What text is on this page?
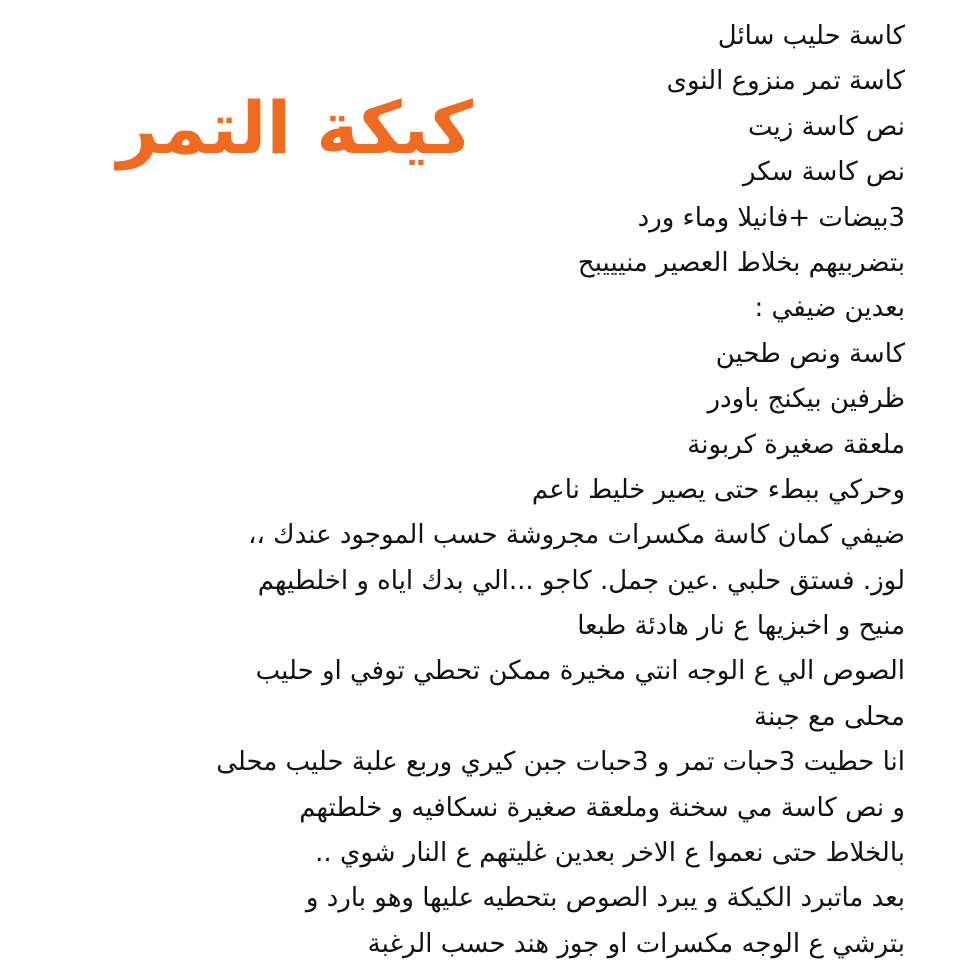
كيكة التمر
كاسة حليب سائل
كاسة تمر منزوع النوى
نص كاسة زيت
نص كاسة سكر
3بيضات +فانيلا وماء ورد
بتضربيهم بخلاط العصير منيييبح
بعدين ضيفي :
كاسة ونص طحين
ظرفين بيكنج باودر
ملعقة صغيرة كربونة
وحركي ببطء حتى يصير خليط ناعم
ضيفي كمان كاسة مكسرات مجروشة حسب الموجود عندك ،،
لوز. فستق حلبي .عين جمل. كاجو ...الي بدك اياه و اخلطيهم
منيح و اخبزيها ع نار هادئة طبعا
الصوص الي ع الوجه انتي مخيرة ممكن تحطي توفي او حليب
محلى مع جبنة
انا حطيت 3حبات تمر و 3حبات جبن كيري وربع علبة حليب محلى
و نص كاسة مي سخنة وملعقة صغيرة نسكافيه و خلطتهم
بالخلاط حتى نعموا ع الاخر بعدين غليتهم ع النار شوي ..
بعد ماتبرد الكيكة و يبرد الصوص بتحطيه عليها وهو بارد و
بترشي ع الوجه مكسرات او جوز هند حسب الرغبة
